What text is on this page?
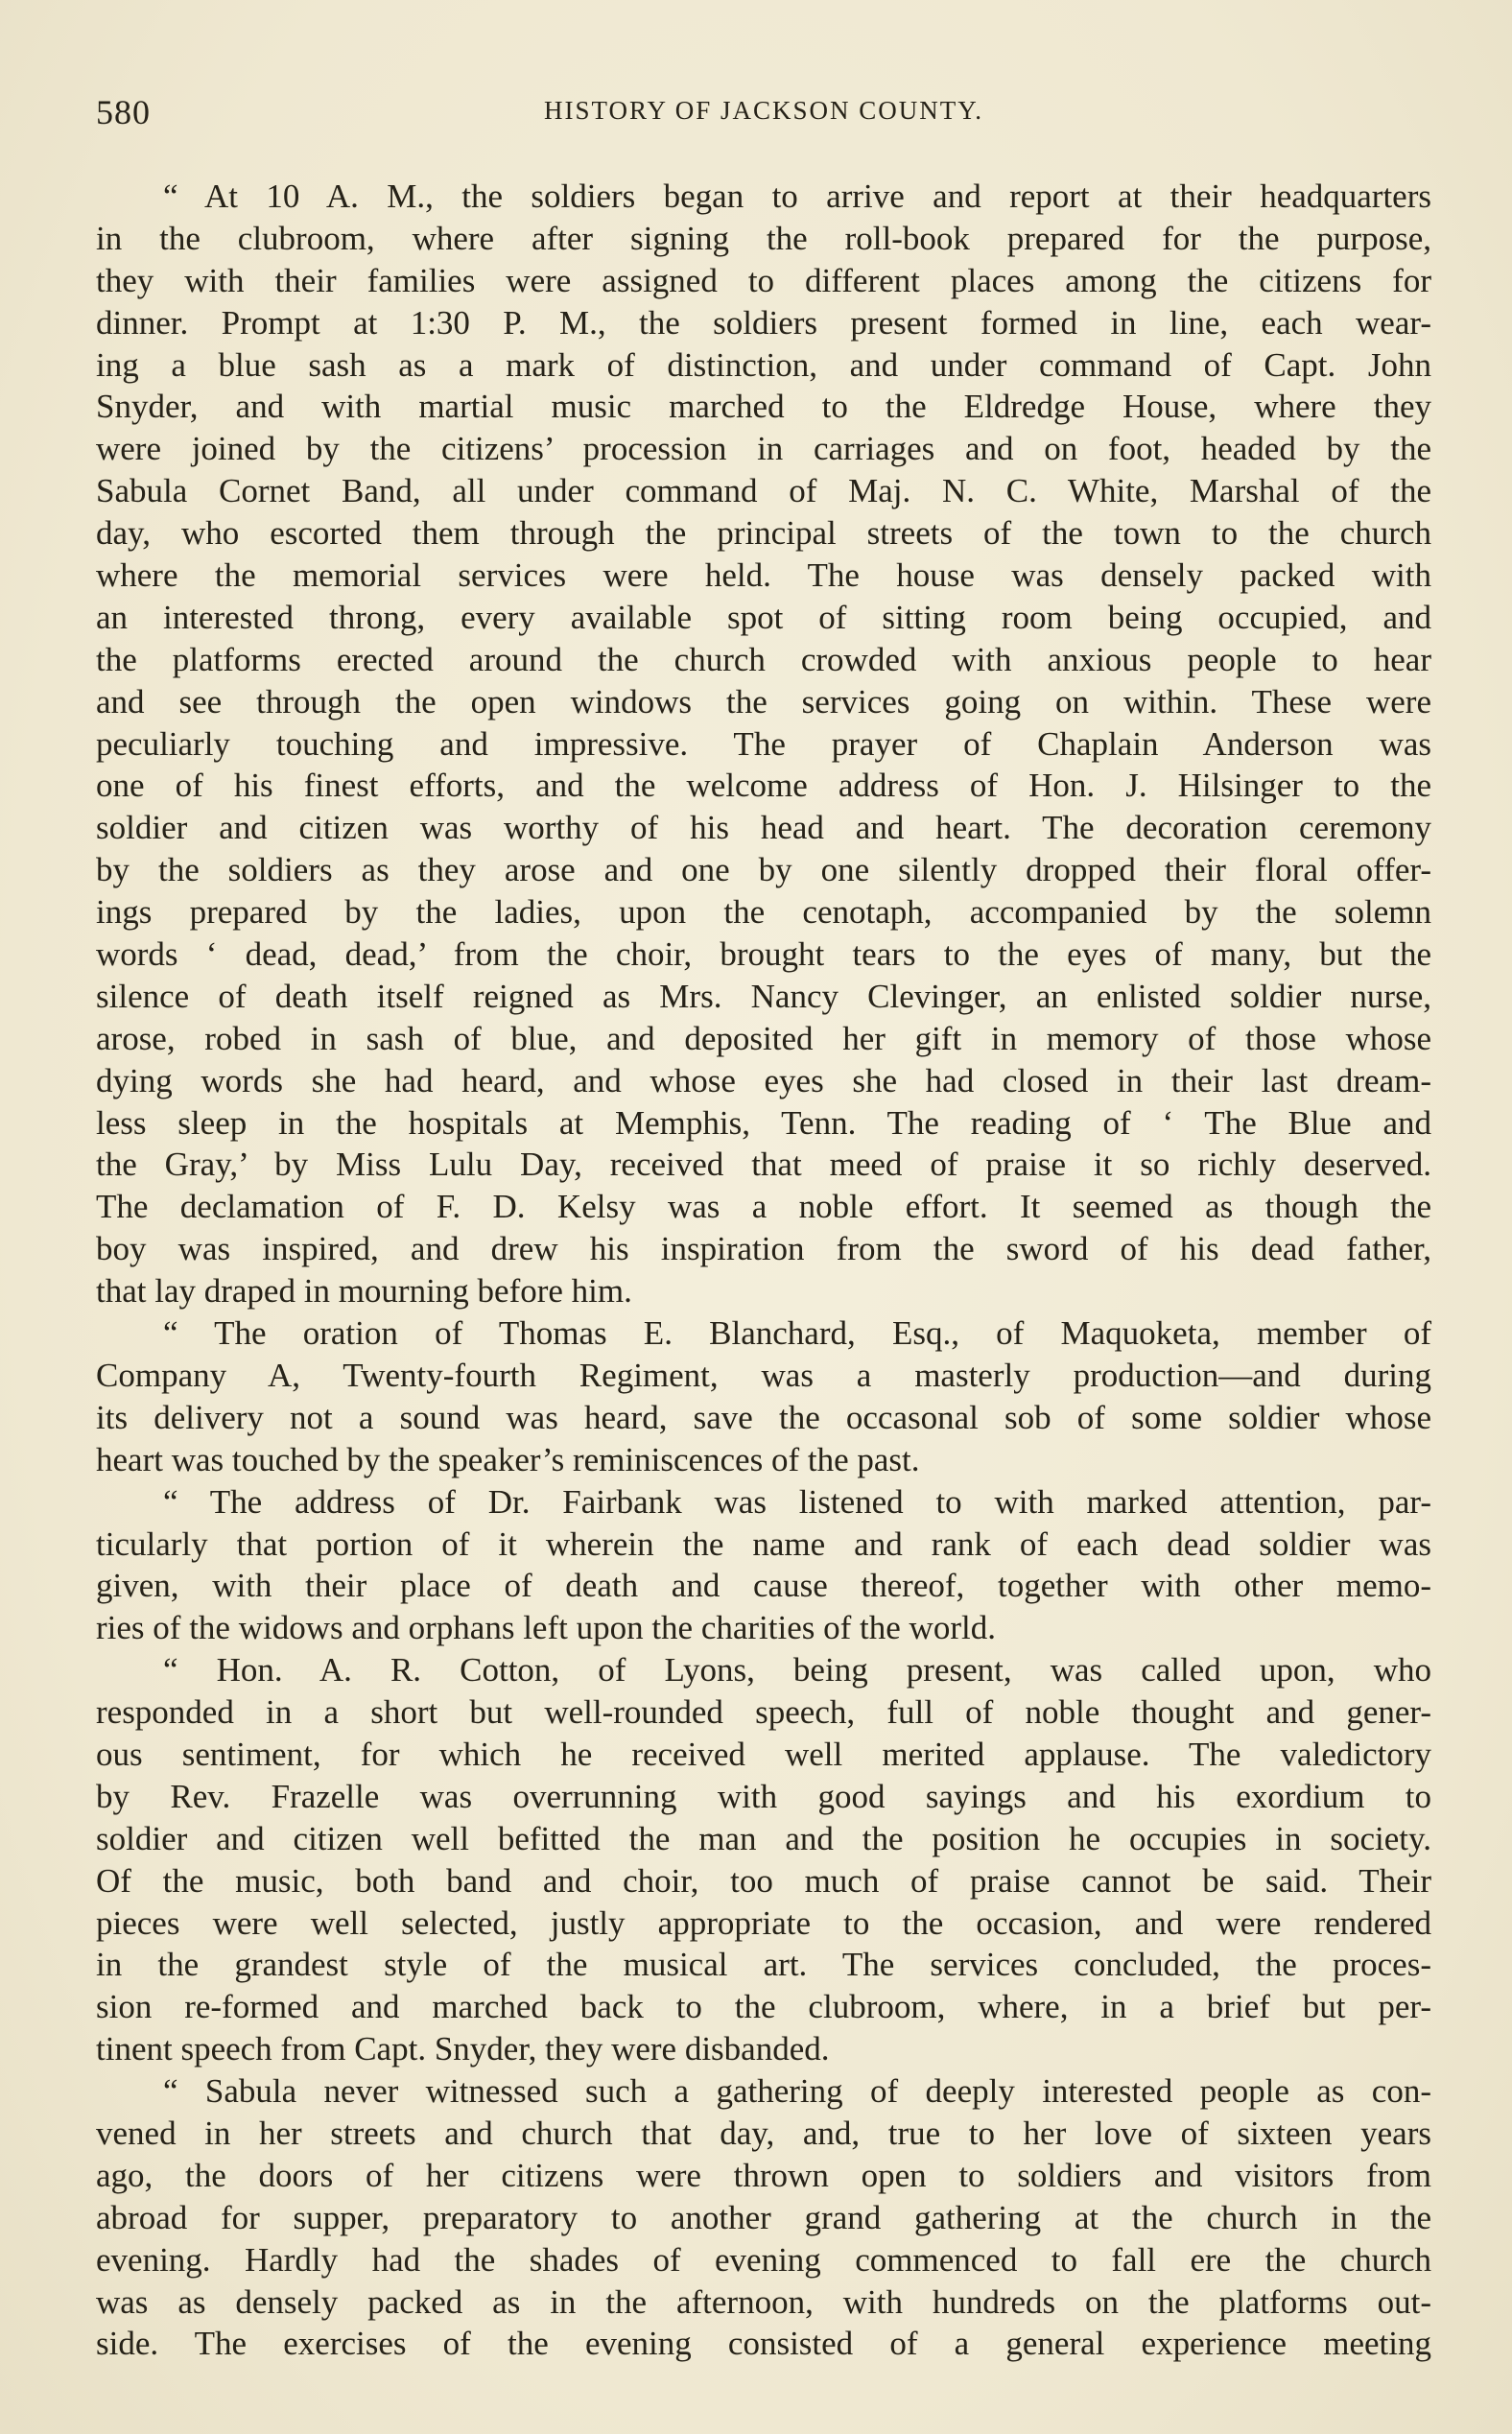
580	HISTORY OF JACKSON COUNTY.
“ At 10 A. M., the soldiers began to arrive and report at their headquarters
in the clubroom, where after signing the roll-book prepared for the purpose,
they with their families were assigned to different places among the citizens for
dinner. Prompt at 1:30 P. M., the soldiers present formed in line, each wear-
ing a blue sash as a mark of distinction, and under command of Capt. John
Snyder, and with martial music marched to the Eldredge House, where they
were joined by the citizens’ procession in carriages and on foot, headed by the
Sabula Cornet Band, all under command of Maj. N. C. White, Marshal of the
day, who escorted them through the principal streets of the town to the church
where the memorial services were held. The house was densely packed with
an interested throng, every available spot of sitting room being occupied, and
the platforms erected around the church crowded with anxious people to hear
and see through the open windows the services going on within. These were
peculiarly touching and impressive. The prayer of Chaplain Anderson was
one of his finest efforts, and the welcome address of Hon. J. Hilsinger to the
soldier and citizen was worthy of his head and heart. The decoration ceremony
by the soldiers as they arose and one by one silently dropped their floral offer-
ings prepared by the ladies, upon the cenotaph, accompanied by the solemn
words ‘ dead, dead,’ from the choir, brought tears to the eyes of many, but the
silence of death itself reigned as Mrs. Nancy Clevinger, an enlisted soldier nurse,
arose, robed in sash of blue, and deposited her gift in memory of those whose
dying words she had heard, and whose eyes she had closed in their last dream-
less sleep in the hospitals at Memphis, Tenn. The reading of ‘ The Blue and
the Gray,’ by Miss Lulu Day, received that meed of praise it so richly deserved.
The declamation of F. D. Kelsy was a noble effort. It seemed as though the
boy was inspired, and drew his inspiration from the sword of his dead father,
that lay draped in mourning before him.
“ The oration of Thomas E. Blanchard, Esq., of Maquoketa, member of
Company A, Twenty-fourth Regiment, was a masterly production—and during
its delivery not a sound was heard, save the occasonal sob of some soldier whose
heart was touched by the speaker’s reminiscences of the past.
“ The address of Dr. Fairbank was listened to with marked attention, par-
ticularly that portion of it wherein the name and rank of each dead soldier was
given, with their place of death and cause thereof, together with other memo-
ries of the widows and orphans left upon the charities of the world.
“ Hon. A. R. Cotton, of Lyons, being present, was called upon, who
responded in a short but well-rounded speech, full of noble thought and gener-
ous sentiment, for which he received well merited applause. The valedictory
by Rev. Frazelle was overrunning with good sayings and his exordium to
soldier and citizen well befitted the man and the position he occupies in society.
Of the music, both band and choir, too much of praise cannot be said. Their
pieces were well selected, justly appropriate to the occasion, and were rendered
in the grandest style of the musical art. The services concluded, the proces-
sion re-formed and marched back to the clubroom, where, in a brief but per-
tinent speech from Capt. Snyder, they were disbanded.
“ Sabula never witnessed such a gathering of deeply interested people as con-
vened in her streets and church that day, and, true to her love of sixteen years
ago, the doors of her citizens were thrown open to soldiers and visitors from
abroad for supper, preparatory to another grand gathering at the church in the
evening. Hardly had the shades of evening commenced to fall ere the church
was as densely packed as in the afternoon, with hundreds on the platforms out-
side. The exercises of the evening consisted of a general experience meeting
